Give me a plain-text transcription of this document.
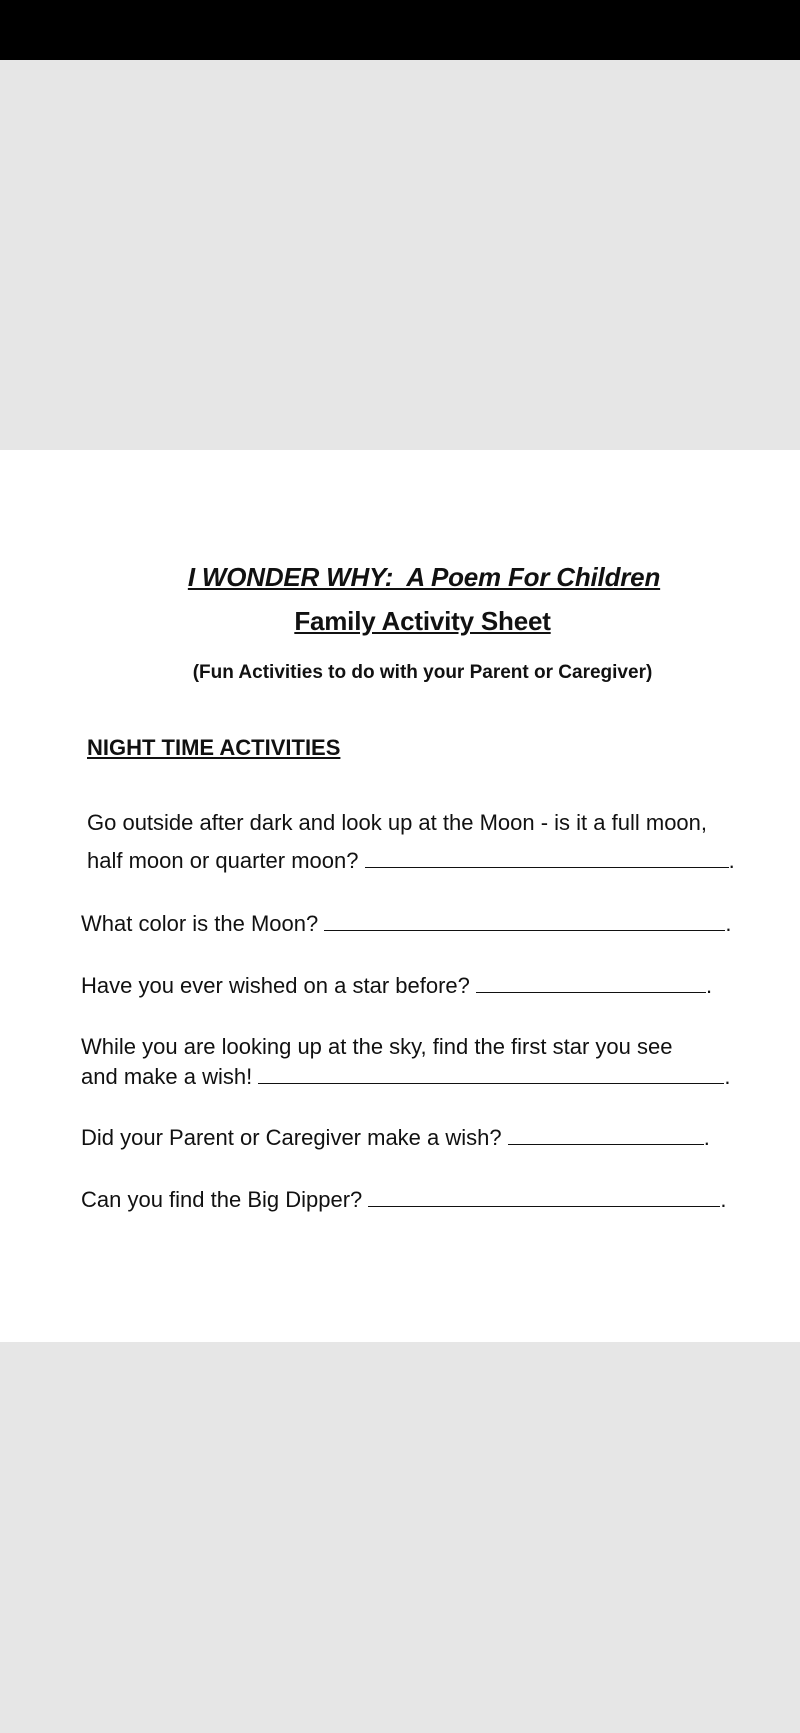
I WONDER WHY:  A Poem For Children
Family Activity Sheet
(Fun Activities to do with your Parent or Caregiver)
NIGHT TIME ACTIVITIES
Go outside after dark and look up at the Moon - is it a full moon,
half moon or quarter moon?	.
What color is the Moon?	.
Have you ever wished on a star before?	.
While you are looking up at the sky, find the first star you see
and make a wish!	.
Did your Parent or Caregiver make a wish?	.
Can you find the Big Dipper?	.
